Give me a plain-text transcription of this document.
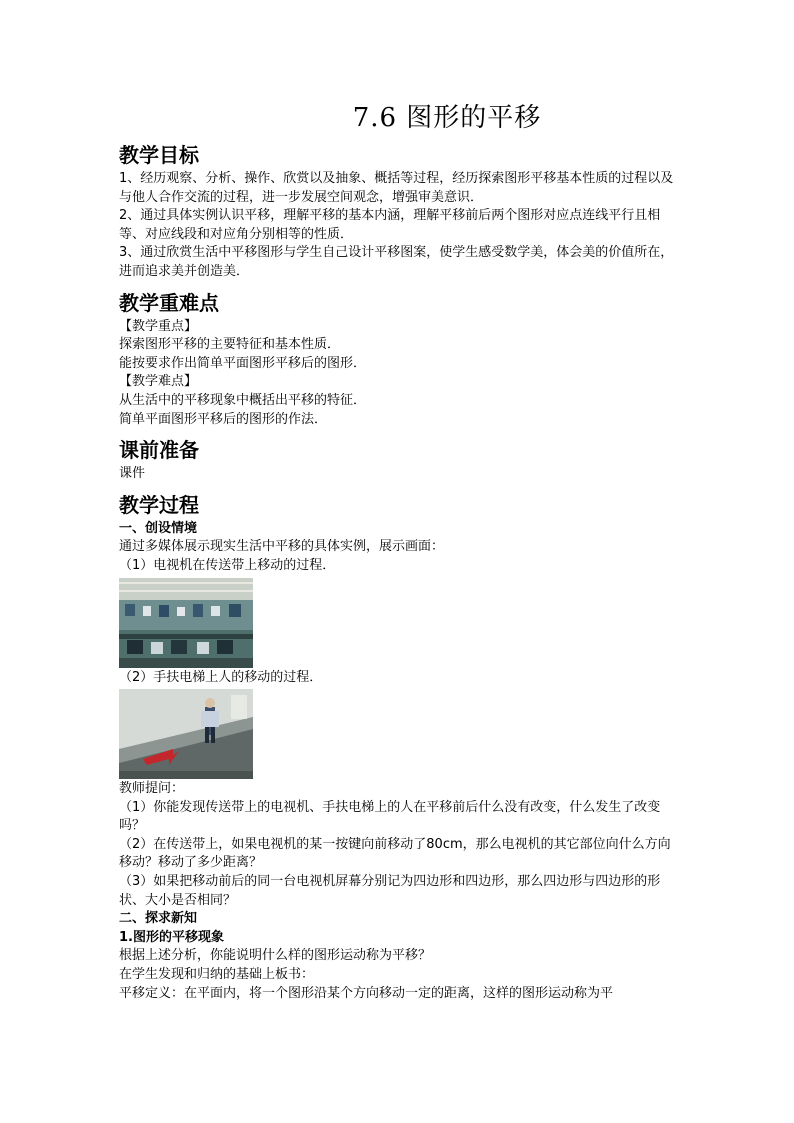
7.6 图形的平移
教学目标

1、经历观察、分析、操作、欣赏以及抽象、概括等过程，经历探索图形平移基本性质的过程以及与他人合作交流的过程，进一步发展空间观念，增强审美意识．

2、通过具体实例认识平移，理解平移的基本内涵，理解平移前后两个图形对应点连线平行且相等、对应线段和对应角分别相等的性质．

3、通过欣赏生活中平移图形与学生自己设计平移图案，使学生感受数学美，体会美的价值所在，进而追求美并创造美．

教学重难点

【教学重点】

探索图形平移的主要特征和基本性质．

能按要求作出简单平面图形平移后的图形．

【教学难点】

从生活中的平移现象中概括出平移的特征．

简单平面图形平移后的图形的作法．

课前准备

课件

教学过程

一、创设情境

通过多媒体展示现实生活中平移的具体实例，展示画面：

（1）电视机在传送带上移动的过程．

（2）手扶电梯上人的移动的过程．

教师提问：

（1）你能发现传送带上的电视机、手扶电梯上的人在平移前后什么没有改变，什么发生了改变吗？

（2）在传送带上，如果电视机的某一按键向前移动了80cm，那么电视机的其它部位向什么方向移动？移动了多少距离？

（3）如果把移动前后的同一台电视机屏幕分别记为四边形和四边形，那么四边形与四边形的形状、大小是否相同？

二、探求新知

1.图形的平移现象

根据上述分析，你能说明什么样的图形运动称为平移？

在学生发现和归纳的基础上板书：

平移定义：在平面内，将一个图形沿某个方向移动一定的距离，这样的图形运动称为平
